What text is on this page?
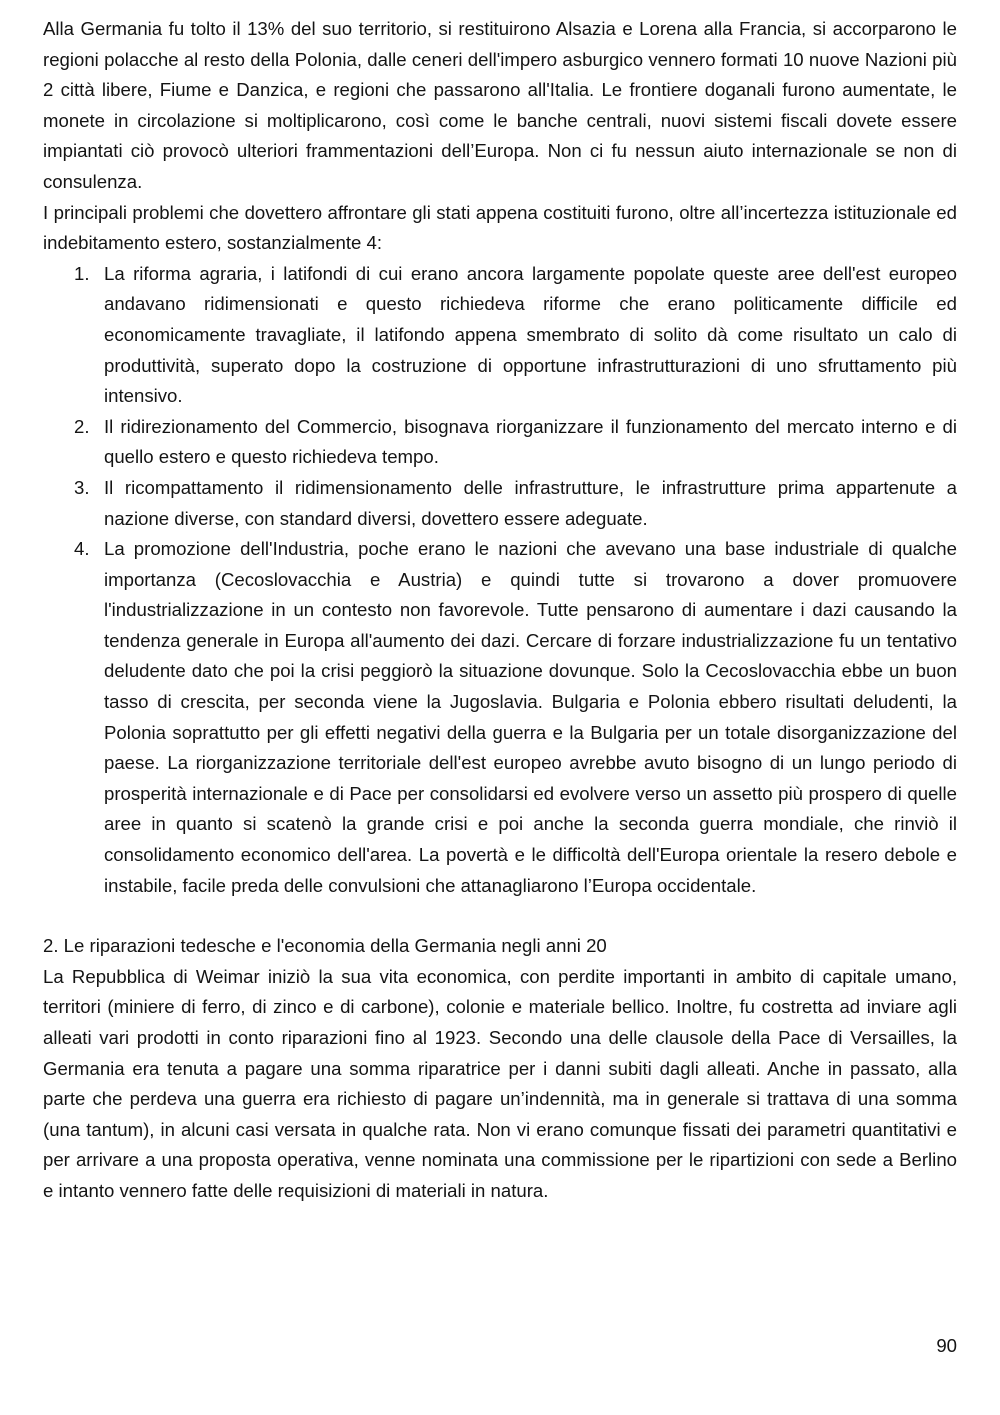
Alla Germania fu tolto il 13% del suo territorio, si restituirono Alsazia e Lorena alla Francia, si accorparono le regioni polacche al resto della Polonia, dalle ceneri dell'impero asburgico vennero formati 10 nuove Nazioni più 2 città libere, Fiume e Danzica, e regioni che passarono all'Italia. Le frontiere doganali furono aumentate, le monete in circolazione si moltiplicarono, così come le banche centrali, nuovi sistemi fiscali dovete essere impiantati ciò provocò ulteriori frammentazioni dell’Europa. Non ci fu nessun aiuto internazionale se non di consulenza.

I principali problemi che dovettero affrontare gli stati appena costituiti furono, oltre all’incertezza istituzionale ed indebitamento estero, sostanzialmente 4:

1. La riforma agraria, i latifondi di cui erano ancora largamente popolate queste aree dell'est europeo andavano ridimensionati e questo richiedeva riforme che erano politicamente difficile ed economicamente travagliate, il latifondo appena smembrato di solito dà come risultato un calo di produttività, superato dopo la costruzione di opportune infrastrutturazioni di uno sfruttamento più intensivo.
2. Il ridirezionamento del Commercio, bisognava riorganizzare il funzionamento del mercato interno e di quello estero e questo richiedeva tempo.
3. Il ricompattamento il ridimensionamento delle infrastrutture, le infrastrutture prima appartenute a nazione diverse, con standard diversi, dovettero essere adeguate.
4. La promozione dell'Industria, poche erano le nazioni che avevano una base industriale di qualche importanza (Cecoslovacchia e Austria) e quindi tutte si trovarono a dover promuovere l'industrializzazione in un contesto non favorevole. Tutte pensarono di aumentare i dazi causando la tendenza generale in Europa all'aumento dei dazi. Cercare di forzare industrializzazione fu un tentativo deludente dato che poi la crisi peggiorò la situazione dovunque. Solo la Cecoslovacchia ebbe un buon tasso di crescita, per seconda viene la Jugoslavia. Bulgaria e Polonia ebbero risultati deludenti, la Polonia soprattutto per gli effetti negativi della guerra e la Bulgaria per un totale disorganizzazione del paese. La riorganizzazione territoriale dell'est europeo avrebbe avuto bisogno di un lungo periodo di prosperità internazionale e di Pace per consolidarsi ed evolvere verso un assetto più prospero di quelle aree in quanto si scatenò la grande crisi e poi anche la seconda guerra mondiale, che rinviò il consolidamento economico dell'area. La povertà e le difficoltà dell'Europa orientale la resero debole e instabile, facile preda delle convulsioni che attanagliarono l’Europa occidentale.

2. Le riparazioni tedesche e l'economia della Germania negli anni 20

La Repubblica di Weimar iniziò la sua vita economica, con perdite importanti in ambito di capitale umano, territori (miniere di ferro, di zinco e di carbone), colonie e materiale bellico. Inoltre, fu costretta ad inviare agli alleati vari prodotti in conto riparazioni fino al 1923. Secondo una delle clausole della Pace di Versailles, la Germania era tenuta a pagare una somma riparatrice per i danni subiti dagli alleati. Anche in passato, alla parte che perdeva una guerra era richiesto di pagare un’indennità, ma in generale si trattava di una somma (una tantum), in alcuni casi versata in qualche rata. Non vi erano comunque fissati dei parametri quantitativi e per arrivare a una proposta operativa, venne nominata una commissione per le ripartizioni con sede a Berlino e intanto vennero fatte delle requisizioni di materiali in natura.

90
